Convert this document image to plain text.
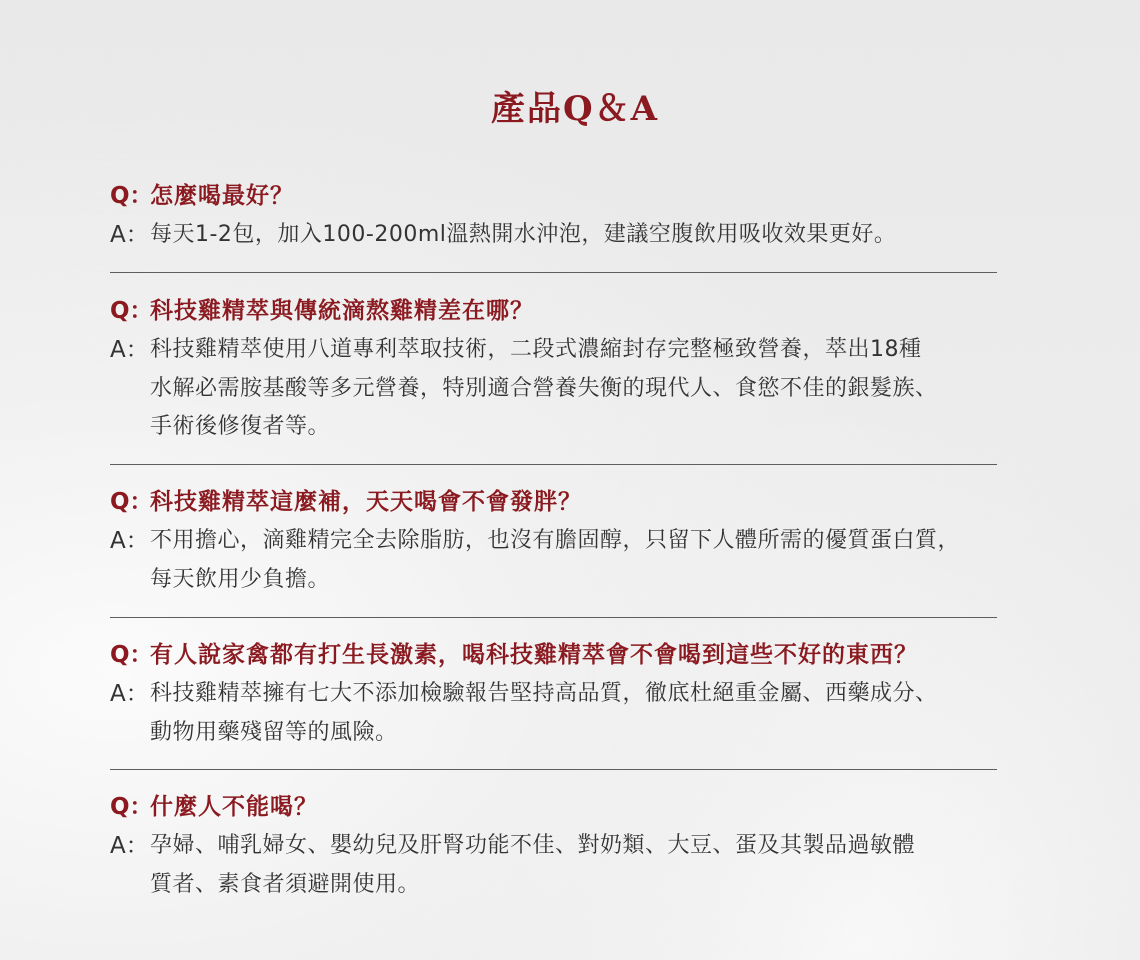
產品Q＆A
Q：
怎麼喝最好？
A： 每天1-2包，加入100-200ml溫熱開水沖泡，建議空腹飲用吸收效果更好。
Q：
科技雞精萃與傳統滴熬雞精差在哪？
A： 科技雞精萃使用八道專利萃取技術，二段式濃縮封存完整極致營養，萃出18種
水解必需胺基酸等多元營養，特別適合營養失衡的現代人、食慾不佳的銀髮族、
手術後修復者等。
Q：
科技雞精萃這麼補，天天喝會不會發胖？
A： 不用擔心，滴雞精完全去除脂肪，也沒有膽固醇，只留下人體所需的優質蛋白質，
每天飲用少負擔。
Q：
有人說家禽都有打生長激素，喝科技雞精萃會不會喝到這些不好的東西？
A： 科技雞精萃擁有七大不添加檢驗報告堅持高品質，徹底杜絕重金屬、西藥成分、
動物用藥殘留等的風險。
Q：
什麼人不能喝？
A： 孕婦、哺乳婦女、嬰幼兒及肝腎功能不佳、對奶類、大豆、蛋及其製品過敏體
質者、素食者須避開使用。
